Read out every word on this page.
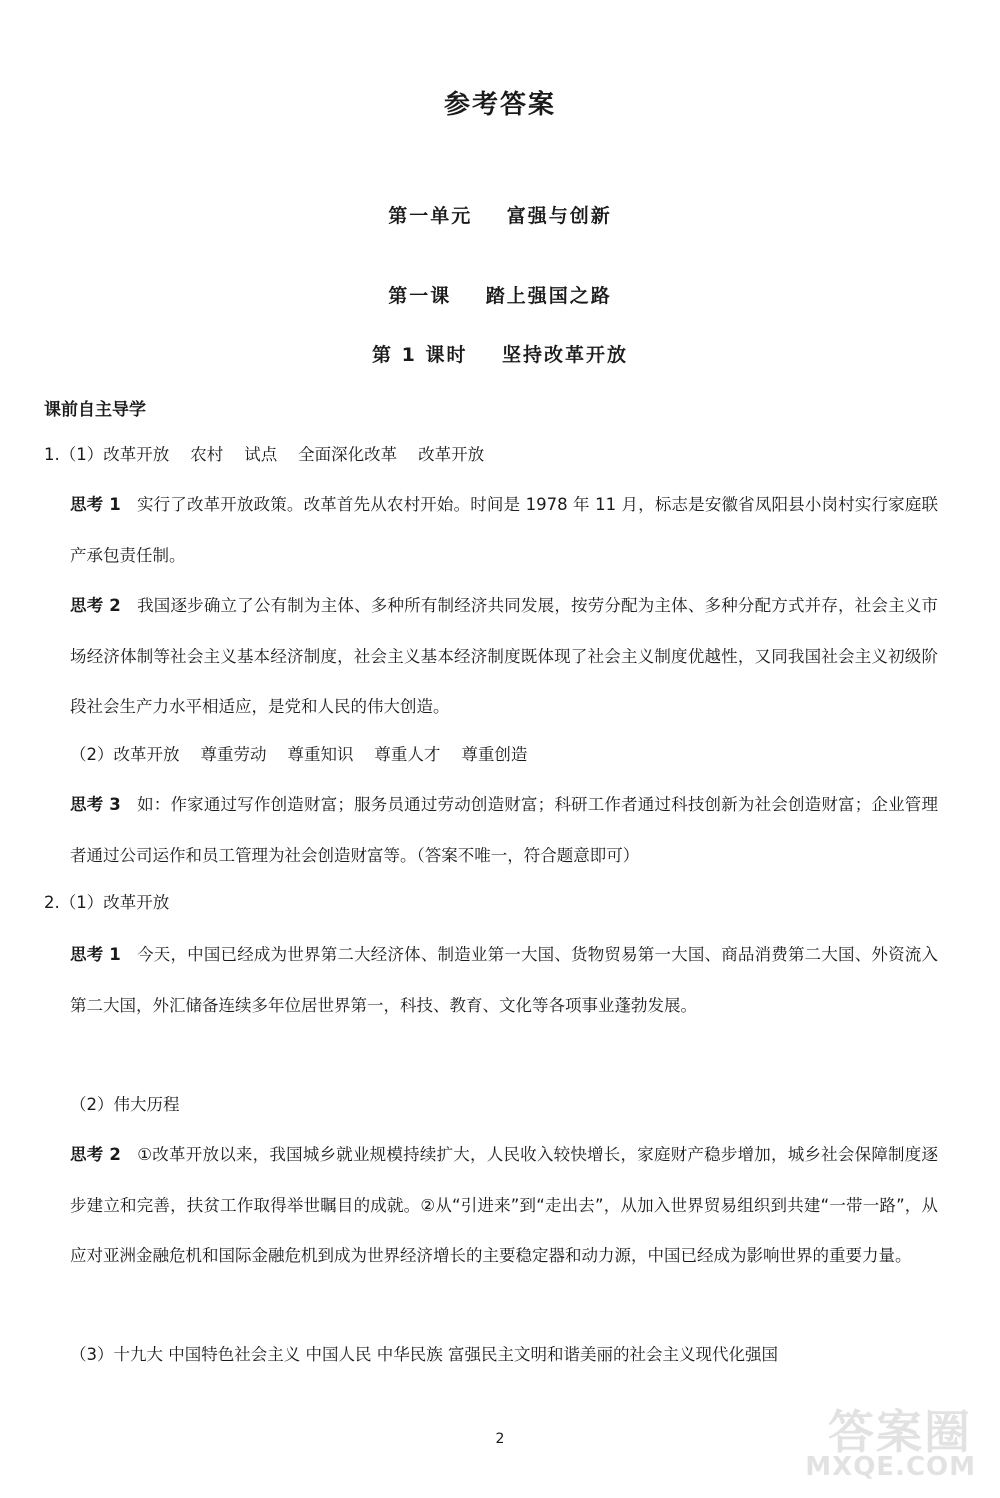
参考答案
第一单元    富强与创新
第一课    踏上强国之路
第 1 课时    坚持改革开放
课前自主导学
1.（1）改革开放    农村    试点    全面深化改革    改革开放
思考 1 实行了改革开放政策。改革首先从农村开始。时间是 1978 年 11 月，标志是安徽省凤阳县小岗村实行家庭联产承包责任制。
思考 2 我国逐步确立了公有制为主体、多种所有制经济共同发展，按劳分配为主体、多种分配方式并存，社会主义市场经济体制等社会主义基本经济制度，社会主义基本经济制度既体现了社会主义制度优越性，又同我国社会主义初级阶段社会生产力水平相适应，是党和人民的伟大创造。
（2）改革开放    尊重劳动    尊重知识    尊重人才    尊重创造
思考 3 如：作家通过写作创造财富；服务员通过劳动创造财富；科研工作者通过科技创新为社会创造财富；企业管理者通过公司运作和员工管理为社会创造财富等。（答案不唯一，符合题意即可）
2.（1）改革开放
思考 1 今天，中国已经成为世界第二大经济体、制造业第一大国、货物贸易第一大国、商品消费第二大国、外资流入第二大国，外汇储备连续多年位居世界第一，科技、教育、文化等各项事业蓬勃发展。
（2）伟大历程
思考 2 ①改革开放以来，我国城乡就业规模持续扩大，人民收入较快增长，家庭财产稳步增加，城乡社会保障制度逐步建立和完善，扶贫工作取得举世瞩目的成就。②从“引进来”到“走出去”，从加入世界贸易组织到共建“一带一路”，从应对亚洲金融危机和国际金融危机到成为世界经济增长的主要稳定器和动力源，中国已经成为影响世界的重要力量。
（3）十九大 中国特色社会主义 中国人民 中华民族 富强民主文明和谐美丽的社会主义现代化强国
2	答案圈
MXQE.COM
